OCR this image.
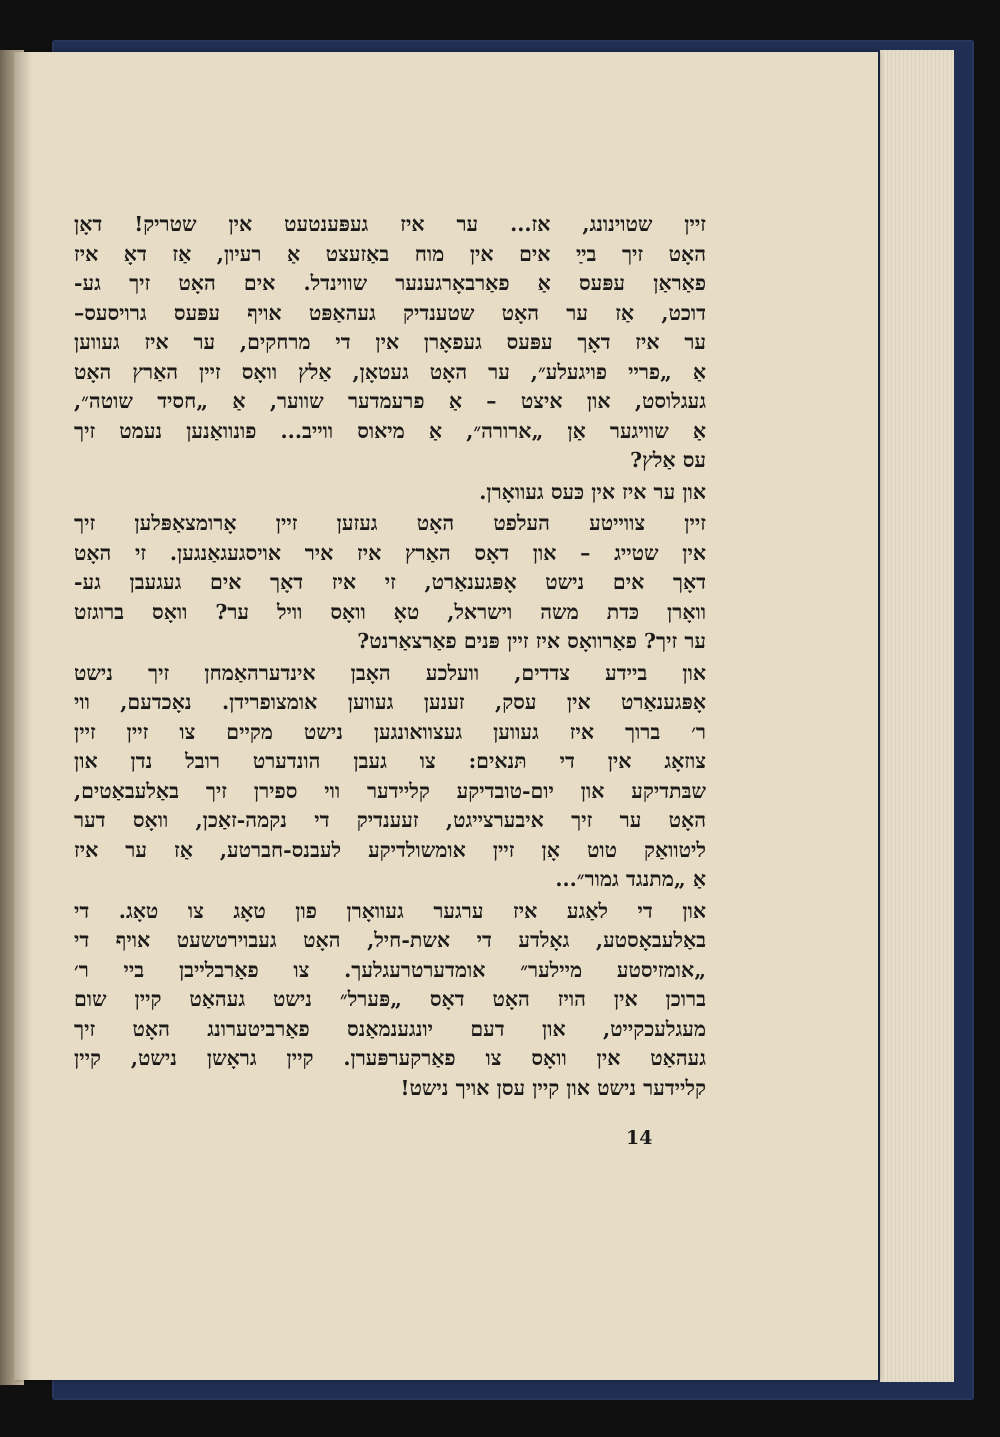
זיין שטוינונג, אז... ער איז געפּענטעט אין שטריק! דאָן
האָט זיך בײַ אים אין מוח באַזעצט אַ רעיון, אַז דאָ איז
פאַראַן עפּעס אַ פאַרבאָרגענער שווינדל. אים האָט זיך גע-
דוכט, אַז ער האָט שטענדיק געהאַפּט אויף עפּעס גרויסעס–
ער איז דאָך עפּעס געפאָרן אין די מרחקים, ער איז געווען
אַ „פריי פויגעלע״, ער האָט געטאָן, אַלץ וואָס זיין האַרץ האָט
געגלוסט, און איצט – אַ פרעמדער שווער, אַ „חסיד שוטה״,
אַ שוויגער אַן „ארורה״, אַ מיאוס ווייב... פונוואַנען נעמט זיך
עס אַלץ?
און ער איז אין כּעס געוואָרן.
זיין צווייטע העלפט האָט געזען זיין אָרומצאַפּלען זיך
אין שטייג – און דאָס האַרץ איז איר אויסגעגאַנגען. זי האָט
דאָך אים נישט אָפּגענאַרט, זי איז דאָך אים געגעבן גע-
וואָרן כּדת משה וישראל, טאָ וואָס וויל ער? וואָס ברוגזט
ער זיך? פאַרוואָס איז זיין פּנים פאַרצאַרנט?
און ביידע צדדים, וועלכע האָבן אינדערהאַמחן זיך נישט
אָפּגענאַרט אין עסק, זענען געווען אומצופרידן. נאָכדעם, ווי
ר׳ ברוך איז געווען געצוואונגען נישט מקיים צו זיין זיין
צוזאָג אין די תּנאים: צו געבן הונדערט רובל נדן און
שבּתדיקע און יום-טובדיקע קליידער ווי ספירן זיך באַלעבאַטים,
האָט ער זיך איבערצייגט, זעענדיק די נקמה-זאַכן, וואָס דער
ליטוואַק טוט אָן זיין אומשולדיקע לעבנס-חברטע, אַז ער איז
אַ „מתנגד גמור״...
און די לאַגע איז ערגער געוואָרן פון טאָג צו טאָג. די
באַלעבאָסטע, גאָלדע די אשת-חיל, האָט געבוירטשעט אויף די
„אומזיסטע מיילער״ אומדערטרעגלעך. צו פאַרבלייבן ביי ר׳
ברוכן אין הויז האָט דאָס „פּערל״ נישט געהאַט קיין שום
מעגלעכקייט, און דעם יונגענמאַנס פאַרביטערונג האָט זיך
געהאַט אין וואָס צו פאַרקערפּערן. קיין גראָשן נישט, קיין
קליידער נישט און קיין עסן אויך נישט!
14
